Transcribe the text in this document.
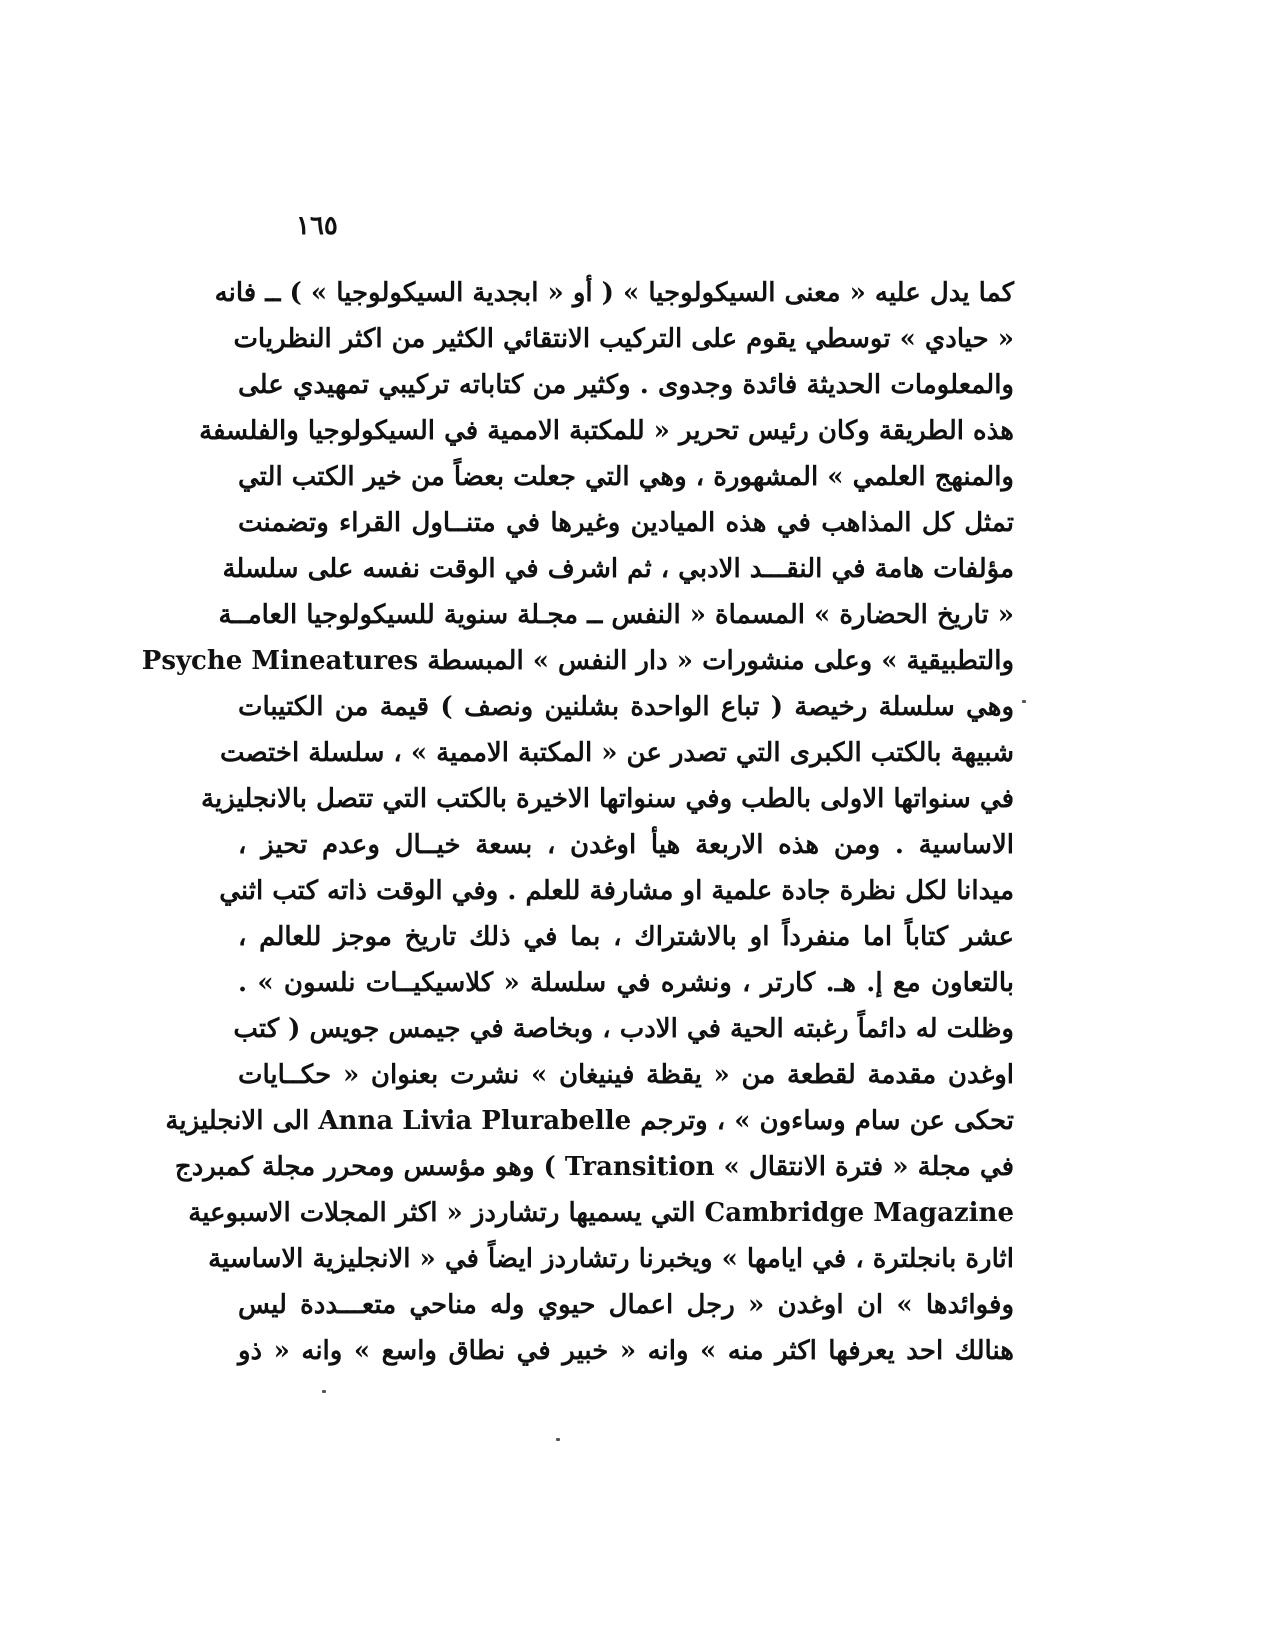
١٦٥
كما يدل عليه « معنى السيكولوجيا » ( أو « ابجدية السيكولوجيا » ) ــ فانه
« حيادي » توسطي يقوم على التركيب الانتقائي الكثير من اكثر النظريات
والمعلومات الحديثة فائدة وجدوى . وكثير من كتاباته تركيبي تمهيدي على
هذه الطريقة وكان رئيس تحرير « للمكتبة الاممية في السيكولوجيا والفلسفة
والمنهج العلمي » المشهورة ، وهي التي جعلت بعضاً من خير الكتب التي
تمثل كل المذاهب في هذه الميادين وغيرها في متنــاول القراء وتضمنت
مؤلفات هامة في النقـــد الادبي ، ثم اشرف في الوقت نفسه على سلسلة
« تاريخ الحضارة » المسماة « النفس ــ مجـلة سنوية للسيكولوجيا العامــة
والتطبيقية » وعلى منشورات « دار النفس » المبسطة Psyche Mineatures
وهي سلسلة رخيصة ( تباع الواحدة بشلنين ونصف ) قيمة من الكتيبات
شبيهة بالكتب الكبرى التي تصدر عن « المكتبة الاممية » ، سلسلة اختصت
في سنواتها الاولى بالطب وفي سنواتها الاخيرة بالكتب التي تتصل بالانجليزية
الاساسية . ومن هذه الاربعة هيأ اوغدن ، بسعة خيــال وعدم تحيز ،
ميدانا لكل نظرة جادة علمية او مشارفة للعلم . وفي الوقت ذاته كتب اثني
عشر كتاباً اما منفرداً او بالاشتراك ، بما في ذلك تاريخ موجز للعالم ،
بالتعاون مع إ. هـ. كارتر ، ونشره في سلسلة « كلاسيكيــات نلسون » .
وظلت له دائماً رغبته الحية في الادب ، وبخاصة في جيمس جويس ( كتب
اوغدن مقدمة لقطعة من « يقظة فينيغان » نشرت بعنوان « حكــايات
تحكى عن سام وساءون » ، وترجم Anna Livia Plurabelle الى الانجليزية
في مجلة « فترة الانتقال » Transition ) وهو مؤسس ومحرر مجلة كمبردج
Cambridge Magazine التي يسميها رتشاردز « اكثر المجلات الاسبوعية
اثارة بانجلترة ، في ايامها » ويخبرنا رتشاردز ايضاً في « الانجليزية الاساسية
وفوائدها » ان اوغدن « رجل اعمال حيوي وله مناحي متعـــددة ليس
هنالك احد يعرفها اكثر منه » وانه « خبير في نطاق واسع » وانه « ذو
